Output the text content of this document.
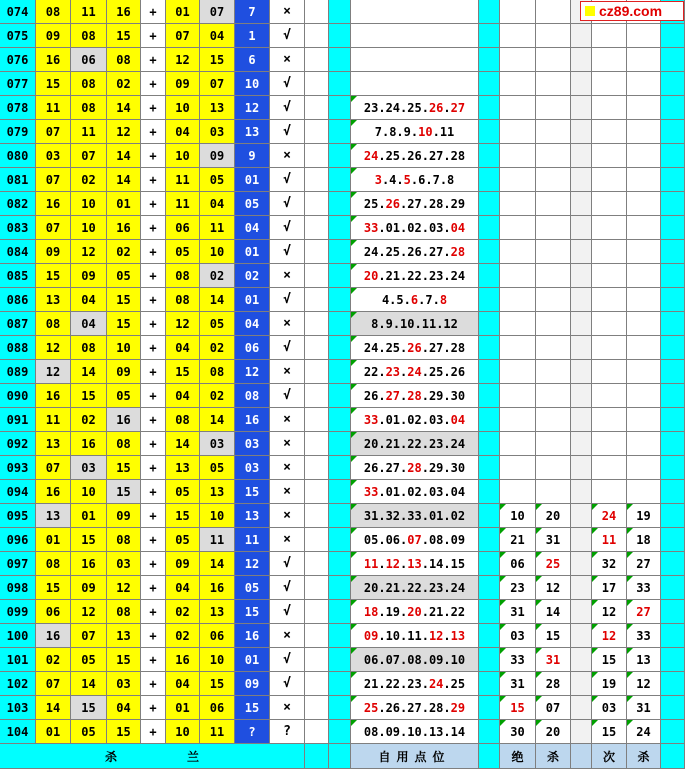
074	08	11	16	+	01	07	7	×
075	09	08	15	+	07	04	1	√
076	16	06	08	+	12	15	6	×
077	15	08	02	+	09	07	10	√
078	11	08	14	+	10	13	12	√	23 . 24 . 25 . 26 . 27
079	07	11	12	+	04	03	13	√	7 . 8 . 9 . 10 . 11
080	03	07	14	+	10	09	9	×	24 . 25 . 26 . 27 . 28
081	07	02	14	+	11	05	01	√	3 . 4 . 5 . 6 . 7 . 8
082	16	10	01	+	11	04	05	√	25 . 26 . 27 . 28 . 29
083	07	10	16	+	06	11	04	√	33 . 01 . 02 . 03 . 04
084	09	12	02	+	05	10	01	√	24 . 25 . 26 . 27 . 28
085	15	09	05	+	08	02	02	×	20 . 21 . 22 . 23 . 24
086	13	04	15	+	08	14	01	√	4 . 5 . 6 . 7 . 8
087	08	04	15	+	12	05	04	×	8 . 9 . 10 . 11 . 12
088	12	08	10	+	04	02	06	√	24 . 25 . 26 . 27 . 28
089	12	14	09	+	15	08	12	×	22 . 23 . 24 . 25 . 26
090	16	15	05	+	04	02	08	√	26 . 27 . 28 . 29 . 30
091	11	02	16	+	08	14	16	×	33 . 01 . 02 . 03 . 04
092	13	16	08	+	14	03	03	×	20 . 21 . 22 . 23 . 24
093	07	03	15	+	13	05	03	×	26 . 27 . 28 . 29 . 30
094	16	10	15	+	05	13	15	×	33 . 01 . 02 . 03 . 04
095	13	01	09	+	15	10	13	×	31 . 32 . 33 . 01 . 02	10	20	24	19
096	01	15	08	+	05	11	11	×	05 . 06 . 07 . 08 . 09	21	31	11	18
097	08	16	03	+	09	14	12	√	11 . 12 . 13 . 14 . 15	06	25	32	27
098	15	09	12	+	04	16	05	√	20 . 21 . 22 . 23 . 24	23	12	17	33
099	06	12	08	+	02	13	15	√	18 . 19 . 20 . 21 . 22	31	14	12	27
100	16	07	13	+	02	06	16	×	09 . 10 . 11 . 12 . 13	03	15	12	33
101	02	05	15	+	16	10	01	√	06 . 07 . 08 . 09 . 10	33	31	15	13
102	07	14	03	+	04	15	09	√	21 . 22 . 23 . 24 . 25	31	28	19	12
103	14	15	04	+	01	06	15	×	25 . 26 . 27 . 28 . 29	15	07	03	31
104	01	05	15	+	10	11	?	?	08 . 09 . 10 . 13 . 14	30	20	15	24
杀	兰	自用点位	绝	杀	次	杀
cz89.com
